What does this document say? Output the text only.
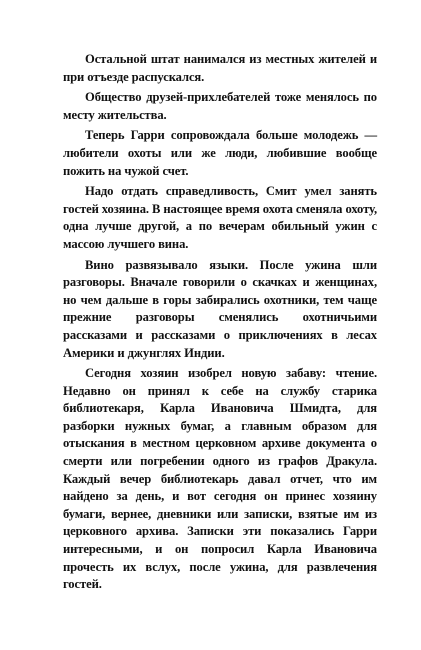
Остальной штат нанимался из местных жителей и при отъезде распускался.

Общество друзей-прихлебателей тоже менялось по месту жительства.

Теперь Гарри сопровождала больше молодежь — любители охоты или же люди, любившие вообще пожить на чужой счет.

Надо отдать справедливость, Смит умел занять гостей хозяина. В настоящее время охота сменяла охоту, одна лучше другой, а по вечерам обильный ужин с массою лучшего вина.

Вино развязывало языки. После ужина шли разговоры. Вначале говорили о скачках и женщинах, но чем дальше в горы забирались охотники, тем чаще прежние разговоры сменялись охотничьими рассказами и рассказами о приключениях в лесах Америки и джунглях Индии.

Сегодня хозяин изобрел новую забаву: чтение. Недавно он принял к себе на службу старика библиотекаря, Карла Ивановича Шмидта, для разборки нужных бумаг, а главным образом для отыскания в местном церковном архиве документа о смерти или погребении одного из графов Дракула. Каждый вечер библиотекарь давал отчет, что им найдено за день, и вот сегодня он принес хозяину бумаги, вернее, дневники или записки, взятые им из церковного архива. Записки эти показались Гарри интересными, и он попросил Карла Ивановича прочесть их вслух, после ужина, для развлечения гостей.
